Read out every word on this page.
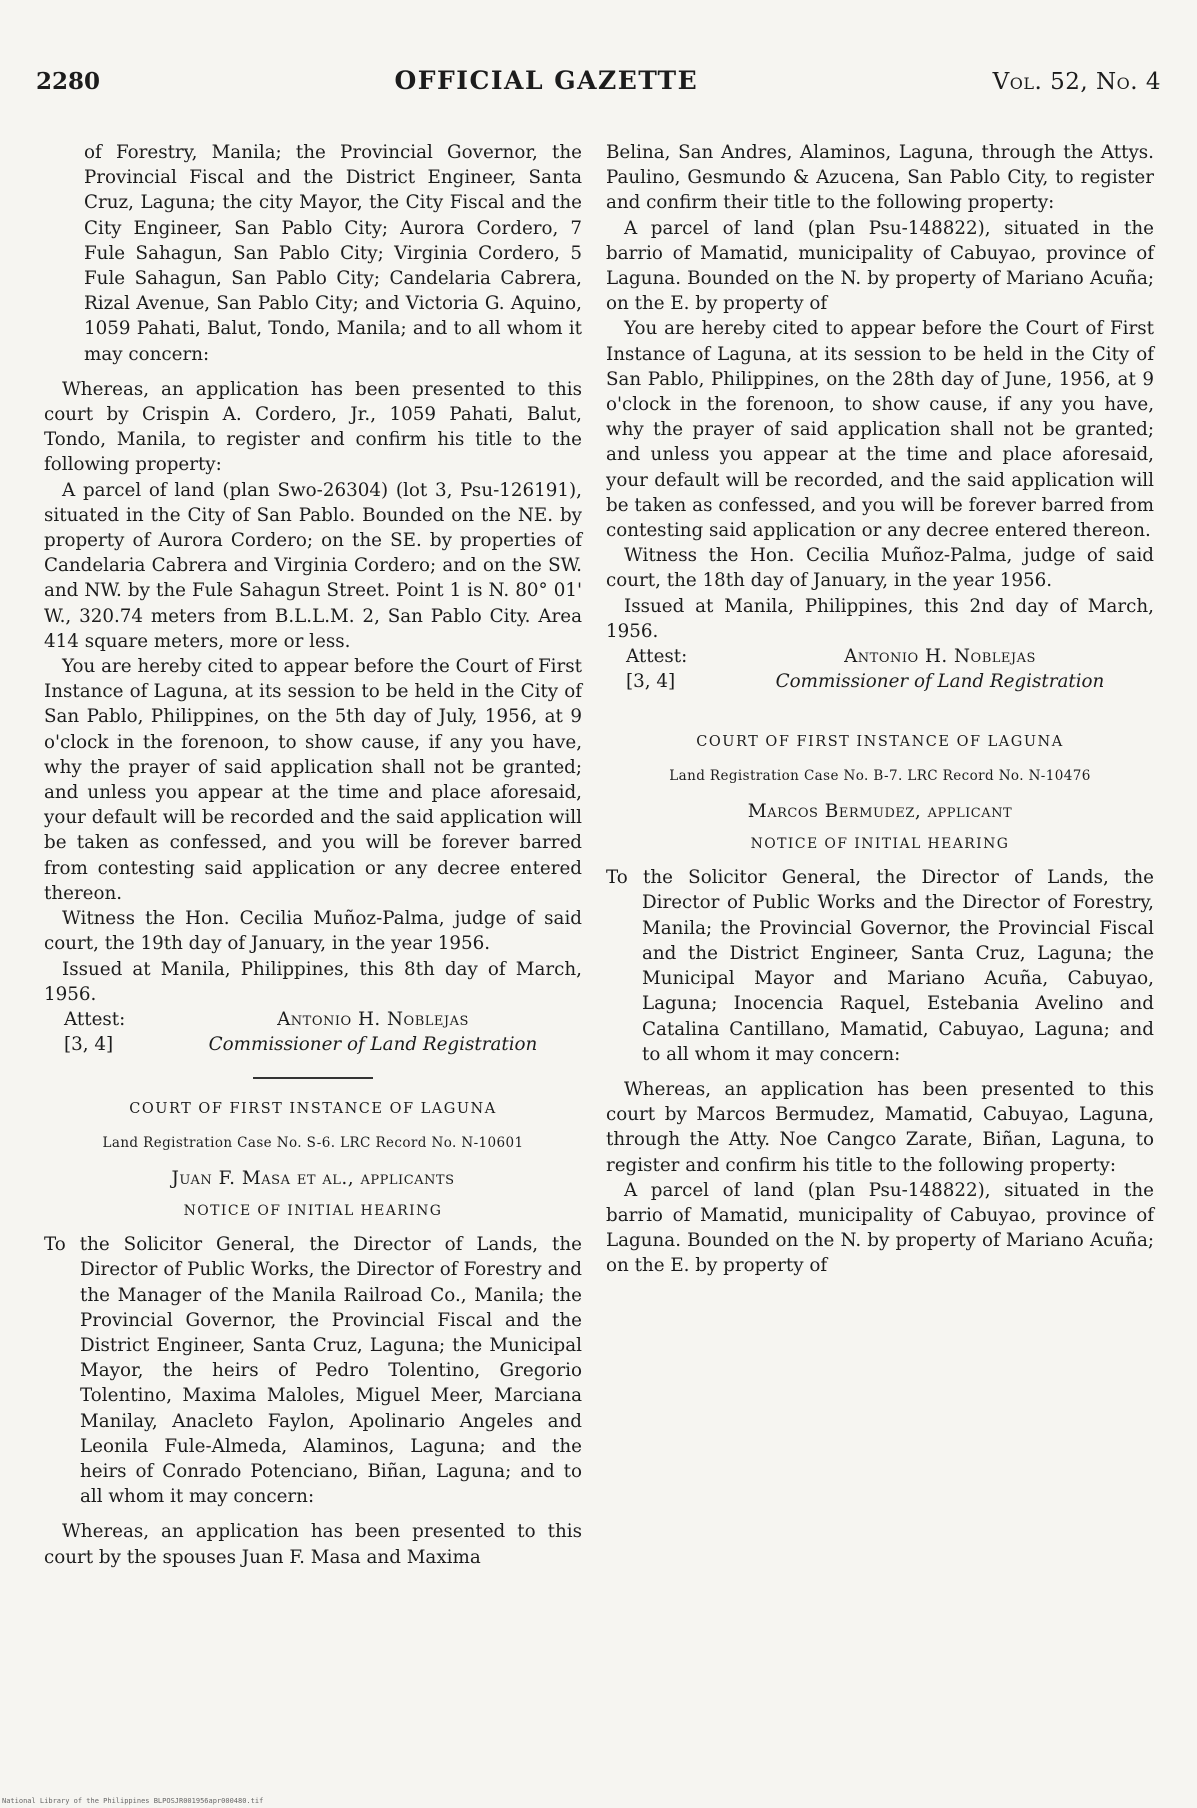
2280	OFFICIAL GAZETTE	Vol. 52, No. 4

of Forestry, Manila; the Provincial Governor, the Provincial Fiscal and the District Engineer, Santa Cruz, Laguna; the city Mayor, the City Fiscal and the City Engineer, San Pablo City; Aurora Cordero, 7 Fule Sahagun, San Pablo City; Virginia Cordero, 5 Fule Sahagun, San Pablo City; Candelaria Cabrera, Rizal Avenue, San Pablo City; and Victoria G. Aquino, 1059 Pahati, Balut, Tondo, Manila; and to all whom it may concern:

Whereas, an application has been presented to this court by Crispin A. Cordero, Jr., 1059 Pahati, Balut, Tondo, Manila, to register and confirm his title to the following property:

A parcel of land (plan Swo-26304) (lot 3, Psu-126191), situated in the City of San Pablo. Bounded on the NE. by property of Aurora Cordero; on the SE. by properties of Candelaria Cabrera and Virginia Cordero; and on the SW. and NW. by the Fule Sahagun Street. Point 1 is N. 80° 01' W., 320.74 meters from B.L.L.M. 2, San Pablo City. Area 414 square meters, more or less.

You are hereby cited to appear before the Court of First Instance of Laguna, at its session to be held in the City of San Pablo, Philippines, on the 5th day of July, 1956, at 9 o'clock in the forenoon, to show cause, if any you have, why the prayer of said application shall not be granted; and unless you appear at the time and place aforesaid, your default will be recorded and the said application will be taken as confessed, and you will be forever barred from contesting said application or any decree entered thereon.

Witness the Hon. Cecilia Muñoz-Palma, judge of said court, the 19th day of January, in the year 1956.

Issued at Manila, Philippines, this 8th day of March, 1956.

Attest:	Antonio H. Noblejas
[3, 4]	Commissioner of Land Registration
COURT OF FIRST INSTANCE OF LAGUNA
Land Registration Case No. S-6. LRC Record No. N-10601
Juan F. Masa et al., applicants
NOTICE OF INITIAL HEARING

To the Solicitor General, the Director of Lands, the Director of Public Works, the Director of Forestry and the Manager of the Manila Railroad Co., Manila; the Provincial Governor, the Provincial Fiscal and the District Engineer, Santa Cruz, Laguna; the Municipal Mayor, the heirs of Pedro Tolentino, Gregorio Tolentino, Maxima Maloles, Miguel Meer, Marciana Manilay, Anacleto Faylon, Apolinario Angeles and Leonila Fule-Almeda, Alaminos, Laguna; and the heirs of Conrado Potenciano, Biñan, Laguna; and to all whom it may concern:

Whereas, an application has been presented to this court by the spouses Juan F. Masa and Maxima

Belina, San Andres, Alaminos, Laguna, through the Attys. Paulino, Gesmundo & Azucena, San Pablo City, to register and confirm their title to the following property:

A parcel of land (plan Psu-148822), situated in the barrio of Mamatid, municipality of Cabuyao, province of Laguna. Bounded on the N. by property of Mariano Acuña; on the E. by property of

You are hereby cited to appear before the Court of First Instance of Laguna, at its session to be held in the City of San Pablo, Philippines, on the 28th day of June, 1956, at 9 o'clock in the forenoon, to show cause, if any you have, why the prayer of said application shall not be granted; and unless you appear at the time and place aforesaid, your default will be recorded, and the said application will be taken as confessed, and you will be forever barred from contesting said application or any decree entered thereon.

Witness the Hon. Cecilia Muñoz-Palma, judge of said court, the 18th day of January, in the year 1956.

Issued at Manila, Philippines, this 2nd day of March, 1956.

Attest:	Antonio H. Noblejas
[3, 4]	Commissioner of Land Registration
COURT OF FIRST INSTANCE OF LAGUNA
Land Registration Case No. B-7. LRC Record No. N-10476
Marcos Bermudez, applicant
NOTICE OF INITIAL HEARING

To the Solicitor General, the Director of Lands, the Director of Public Works and the Director of Forestry, Manila; the Provincial Governor, the Provincial Fiscal and the District Engineer, Santa Cruz, Laguna; the Municipal Mayor and Mariano Acuña, Cabuyao, Laguna; Inocencia Raquel, Estebania Avelino and Catalina Cantillano, Mamatid, Cabuyao, Laguna; and to all whom it may concern:

Whereas, an application has been presented to this court by Marcos Bermudez, Mamatid, Cabuyao, Laguna, through the Atty. Noe Cangco Zarate, Biñan, Laguna, to register and confirm his title to the following property:

A parcel of land (plan Psu-148822), situated in the barrio of Mamatid, municipality of Cabuyao, province of Laguna. Bounded on the N. by property of Mariano Acuña; on the E. by property of

National Library of the Philippines BLPOSJR001956apr000480.tif
